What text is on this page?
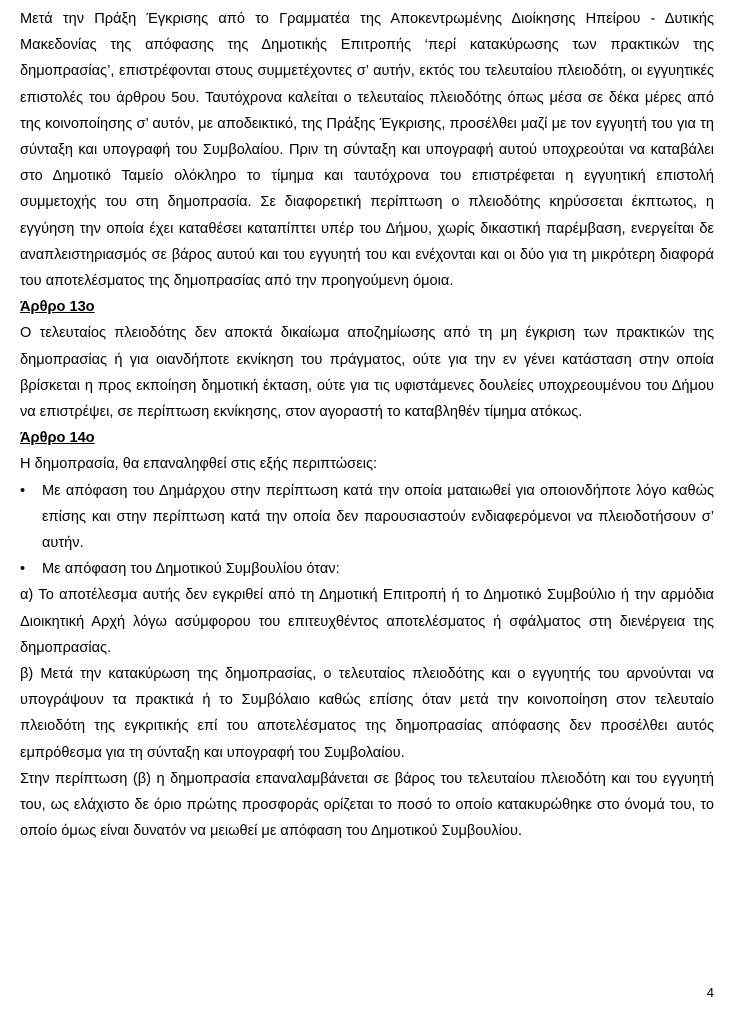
Μετά την Πράξη Έγκρισης από το Γραμματέα της Αποκεντρωμένης Διοίκησης Ηπείρου - Δυτικής Μακεδονίας της απόφασης της Δημοτικής Επιτροπής ‘περί κατακύρωσης των πρακτικών της δημοπρασίας’, επιστρέφονται στους συμμετέχοντες σ’ αυτήν, εκτός του τελευταίου πλειοδότη, οι εγγυητικές επιστολές του άρθρου 5ου. Ταυτόχρονα καλείται ο τελευταίος πλειοδότης όπως μέσα σε δέκα μέρες από της κοινοποίησης σ’ αυτόν, με αποδεικτικό, της Πράξης Έγκρισης, προσέλθει μαζί με τον εγγυητή του για τη σύνταξη και υπογραφή του Συμβολαίου. Πριν τη σύνταξη και υπογραφή αυτού υποχρεούται να καταβάλει στο Δημοτικό Ταμείο ολόκληρο το τίμημα και ταυτόχρονα του επιστρέφεται η εγγυητική επιστολή συμμετοχής του στη δημοπρασία. Σε διαφορετική περίπτωση ο πλειοδότης κηρύσσεται έκπτωτος, η εγγύηση την οποία έχει καταθέσει καταπίπτει υπέρ του Δήμου, χωρίς δικαστική παρέμβαση, ενεργείται δε αναπλειστηριασμός σε βάρος αυτού και του εγγυητή του και ενέχονται και οι δύο για τη μικρότερη διαφορά του αποτελέσματος της δημοπρασίας από την προηγούμενη όμοια.

Άρθρο 13ο

Ο τελευταίος πλειοδότης δεν αποκτά δικαίωμα αποζημίωσης από τη μη έγκριση των πρακτικών της δημοπρασίας ή για οιανδήποτε εκνίκηση του πράγματος, ούτε για την εν γένει κατάσταση στην οποία βρίσκεται η προς εκποίηση δημοτική έκταση, ούτε για τις υφιστάμενες δουλείες υποχρεουμένου του Δήμου να επιστρέψει, σε περίπτωση εκνίκησης, στον αγοραστή το καταβληθέν τίμημα ατόκως.

Άρθρο 14ο

Η δημοπρασία, θα επαναληφθεί στις εξής περιπτώσεις:

•	Με απόφαση του Δημάρχου στην περίπτωση κατά την οποία ματαιωθεί για οποιονδήποτε λόγο καθώς επίσης και στην περίπτωση κατά την οποία δεν παρουσιαστούν ενδιαφερόμενοι να πλειοδοτήσουν σ’ αυτήν.

•	Με απόφαση του Δημοτικού Συμβουλίου όταν:

α) Το αποτέλεσμα αυτής δεν εγκριθεί από τη Δημοτική Επιτροπή ή το Δημοτικό Συμβούλιο ή την αρμόδια Διοικητική Αρχή λόγω ασύμφορου του επιτευχθέντος αποτελέσματος ή σφάλματος στη διενέργεια της δημοπρασίας.

β) Μετά την κατακύρωση της δημοπρασίας, ο τελευταίος πλειοδότης και ο εγγυητής του αρνούνται να υπογράψουν τα πρακτικά ή το Συμβόλαιο καθώς επίσης όταν μετά την κοινοποίηση στον τελευταίο πλειοδότη της εγκριτικής επί του αποτελέσματος της δημοπρασίας απόφασης δεν προσέλθει αυτός εμπρόθεσμα για τη σύνταξη και υπογραφή του Συμβολαίου.

Στην περίπτωση (β) η δημοπρασία επαναλαμβάνεται σε βάρος του τελευταίου πλειοδότη και του εγγυητή του, ως ελάχιστο δε όριο πρώτης προσφοράς ορίζεται το ποσό το οποίο κατακυρώθηκε στο όνομά του, το οποίο όμως είναι δυνατόν να μειωθεί με απόφαση του Δημοτικού Συμβουλίου.

4
